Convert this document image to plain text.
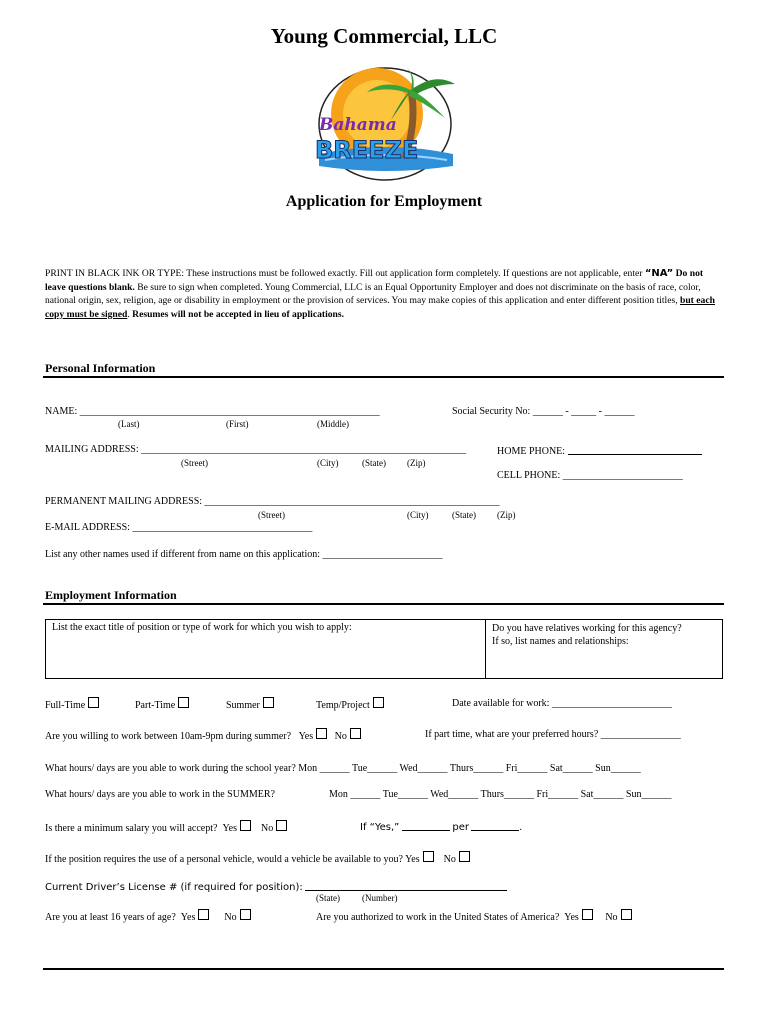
Young Commercial, LLC
Bahama
BREEZE
Application for Employment
PRINT IN BLACK INK OR TYPE: These instructions must be followed exactly. Fill out application form completely. If questions are not applicable, enter “NA” Do not leave questions blank. Be sure to sign when completed. Young Commercial, LLC is an Equal Opportunity Employer and does not discriminate on the basis of race, color, national origin, sex, religion, age or disability in employment or the provision of services. You may make copies of this application and enter different position titles, but each copy must be signed. Resumes will not be accepted in lieu of applications.
Personal Information
NAME: ____________________________________________________________
(Last)	(First)	(Middle)
Social Security No: ______ - _____ - ______
MAILING ADDRESS: _________________________________________________________________
(Street)	(City)	(State) (Zip)
HOME PHONE:
CELL PHONE: ________________________
PERMANENT MAILING ADDRESS: ___________________________________________________________
(Street)	(City)	(State) (Zip)
E-MAIL ADDRESS: ____________________________________
List any other names used if different from name on this application: ________________________
Employment Information
List the exact title of position or type of work for which you wish to apply:	Do you have relatives working for this agency?
If so, list names and relationships:
Full-Time	Part-Time	Summer	Temp/Project	Date available for work: ________________________
Are you willing to work between 10am-9pm during summer? Yes No	If part time, what are your preferred hours? ________________
What hours/ days are you able to work during the school year? Mon ______ Tue______ Wed______ Thurs______ Fri______ Sat______ Sun______
What hours/ days are you able to work in the SUMMER?	Mon ______ Tue______ Wed______ Thurs______ Fri______ Sat______ Sun______
Is there a minimum salary you will accept? Yes No	If “Yes,”	per	.
If the position requires the use of a personal vehicle, would a vehicle be available to you? Yes No
Current Driver’s License # (if required for position):
(State) (Number)
Are you at least 16 years of age? Yes	No	Are you authorized to work in the United States of America? Yes	No
